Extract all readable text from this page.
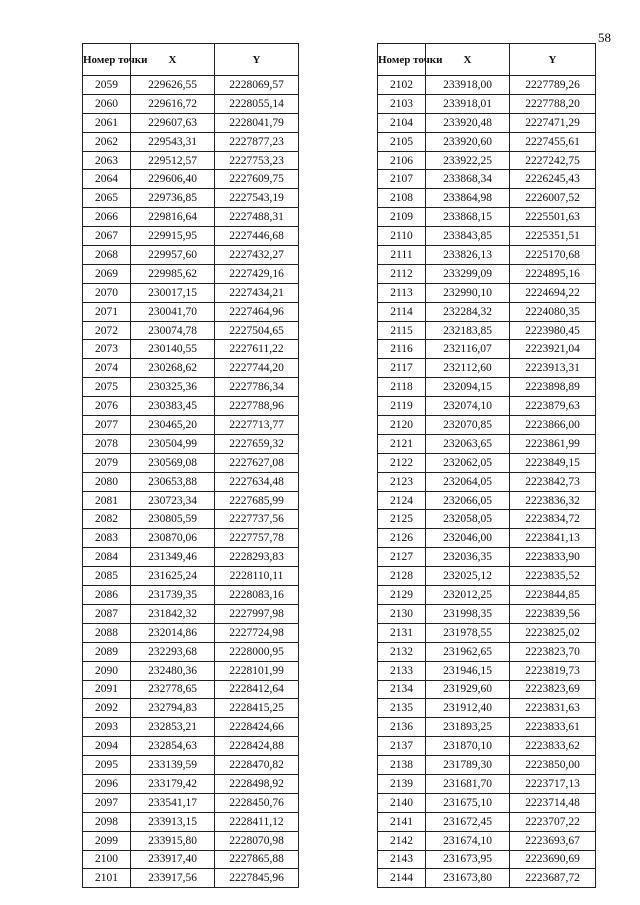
58
Номер точки	X	Y
2059	229626,55	2228069,57
2060	229616,72	2228055,14
2061	229607,63	2228041,79
2062	229543,31	2227877,23
2063	229512,57	2227753,23
2064	229606,40	2227609,75
2065	229736,85	2227543,19
2066	229816,64	2227488,31
2067	229915,95	2227446,68
2068	229957,60	2227432,27
2069	229985,62	2227429,16
2070	230017,15	2227434,21
2071	230041,70	2227464,96
2072	230074,78	2227504,65
2073	230140,55	2227611,22
2074	230268,62	2227744,20
2075	230325,36	2227786,34
2076	230383,45	2227788,96
2077	230465,20	2227713,77
2078	230504,99	2227659,32
2079	230569,08	2227627,08
2080	230653,88	2227634,48
2081	230723,34	2227685,99
2082	230805,59	2227737,56
2083	230870,06	2227757,78
2084	231349,46	2228293,83
2085	231625,24	2228110,11
2086	231739,35	2228083,16
2087	231842,32	2227997,98
2088	232014,86	2227724,98
2089	232293,68	2228000,95
2090	232480,36	2228101,99
2091	232778,65	2228412,64
2092	232794,83	2228415,25
2093	232853,21	2228424,66
2094	232854,63	2228424,88
2095	233139,59	2228470,82
2096	233179,42	2228498,92
2097	233541,17	2228450,76
2098	233913,15	2228411,12
2099	233915,80	2228070,98
2100	233917,40	2227865,88
2101	233917,56	2227845,96
Номер точки	X	Y
2102	233918,00	2227789,26
2103	233918,01	2227788,20
2104	233920,48	2227471,29
2105	233920,60	2227455,61
2106	233922,25	2227242,75
2107	233868,34	2226245,43
2108	233864,98	2226007,52
2109	233868,15	2225501,63
2110	233843,85	2225351,51
2111	233826,13	2225170,68
2112	233299,09	2224895,16
2113	232990,10	2224694,22
2114	232284,32	2224080,35
2115	232183,85	2223980,45
2116	232116,07	2223921,04
2117	232112,60	2223913,31
2118	232094,15	2223898,89
2119	232074,10	2223879,63
2120	232070,85	2223866,00
2121	232063,65	2223861,99
2122	232062,05	2223849,15
2123	232064,05	2223842,73
2124	232066,05	2223836,32
2125	232058,05	2223834,72
2126	232046,00	2223841,13
2127	232036,35	2223833,90
2128	232025,12	2223835,52
2129	232012,25	2223844,85
2130	231998,35	2223839,56
2131	231978,55	2223825,02
2132	231962,65	2223823,70
2133	231946,15	2223819,73
2134	231929,60	2223823,69
2135	231912,40	2223831,63
2136	231893,25	2223833,61
2137	231870,10	2223833,62
2138	231789,30	2223850,00
2139	231681,70	2223717,13
2140	231675,10	2223714,48
2141	231672,45	2223707,22
2142	231674,10	2223693,67
2143	231673,95	2223690,69
2144	231673,80	2223687,72
